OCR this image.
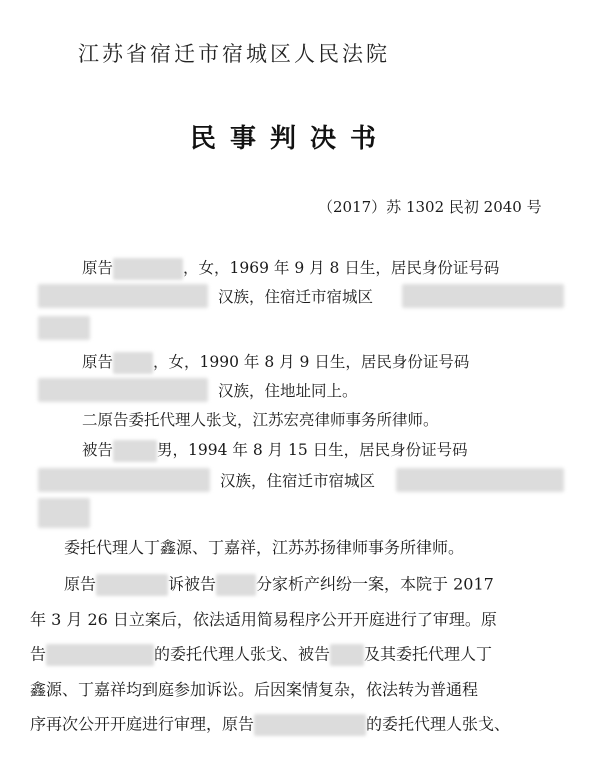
江苏省宿迁市宿城区人民法院
民事判决书
（2017）苏 1302 民初 2040 号
原告	，女，1969 年 9 月 8 日生，居民身份证号码
汉族，住宿迁市宿城区
原告	，女，1990 年 8 月 9 日生，居民身份证号码
汉族，住地址同上。
二原告委托代理人张戈，江苏宏亮律师事务所律师。
被告	男，1994 年 8 月 15 日生，居民身份证号码
汉族，住宿迁市宿城区
委托代理人丁鑫源、丁嘉祥，江苏苏扬律师事务所律师。
原告	诉被告	分家析产纠纷一案，本院于 2017
年 3 月 26 日立案后，依法适用简易程序公开开庭进行了审理。原
告	的委托代理人张戈、被告 及其委托代理人丁
鑫源、丁嘉祥均到庭参加诉讼。后因案情复杂，依法转为普通程
序再次公开开庭进行审理，原告	的委托代理人张戈、
